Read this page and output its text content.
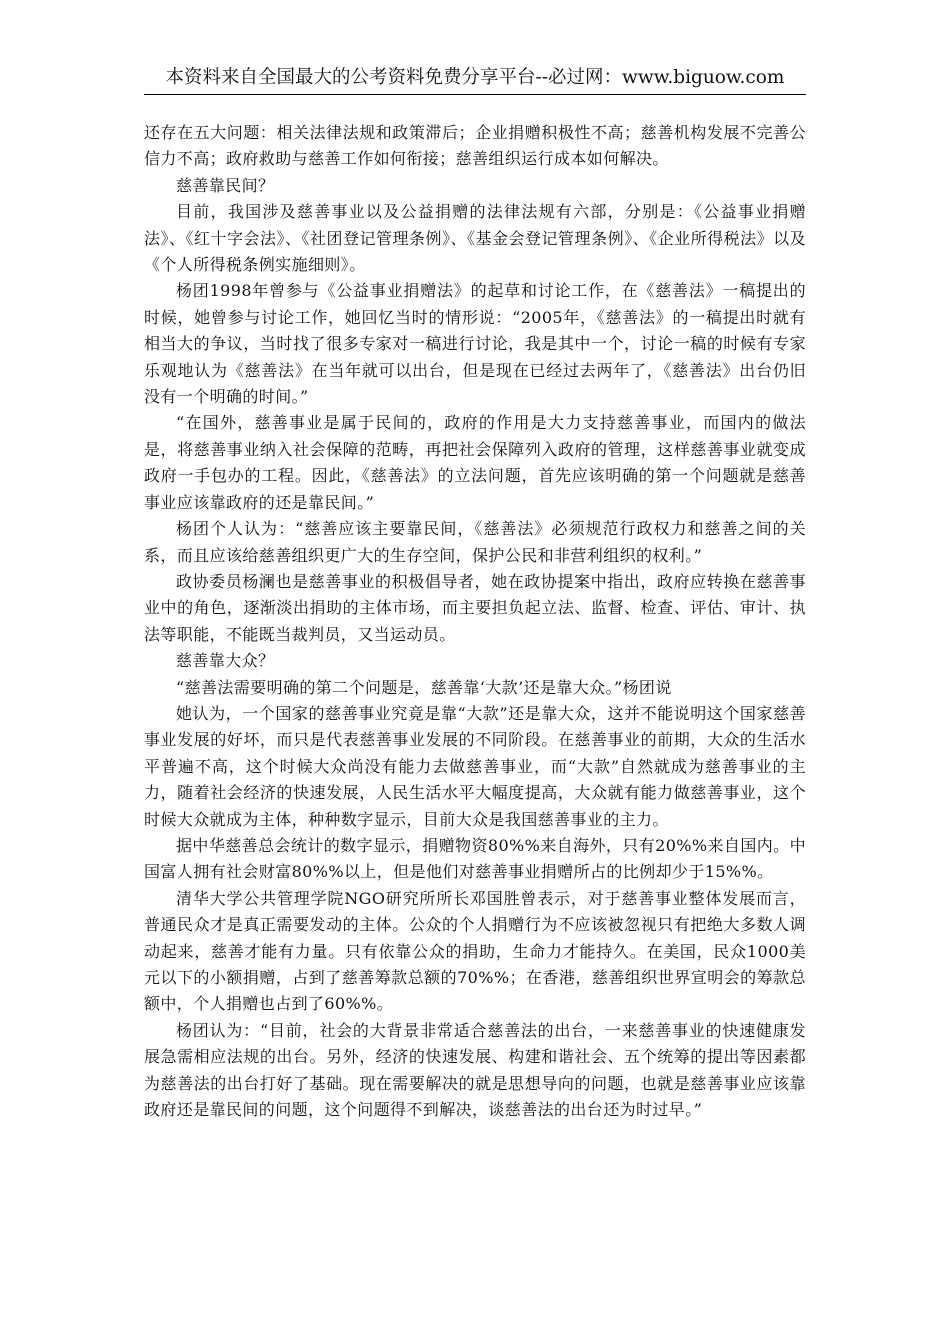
本资料来自全国最大的公考资料免费分享平台--必过网：www.biguow.com

还存在五大问题：相关法律法规和政策滞后；企业捐赠积极性不高；慈善机构发展不完善公信力不高；政府救助与慈善工作如何衔接；慈善组织运行成本如何解决。

慈善靠民间？

目前，我国涉及慈善事业以及公益捐赠的法律法规有六部，分别是：《公益事业捐赠法》、《红十字会法》、《社团登记管理条例》、《基金会登记管理条例》、《企业所得税法》以及《个人所得税条例实施细则》。

杨团1998年曾参与《公益事业捐赠法》的起草和讨论工作，在《慈善法》一稿提出的时候，她曾参与讨论工作，她回忆当时的情形说：“2005年，《慈善法》的一稿提出时就有相当大的争议，当时找了很多专家对一稿进行讨论，我是其中一个，讨论一稿的时候有专家乐观地认为《慈善法》在当年就可以出台，但是现在已经过去两年了，《慈善法》出台仍旧没有一个明确的时间。”

“在国外，慈善事业是属于民间的，政府的作用是大力支持慈善事业，而国内的做法是，将慈善事业纳入社会保障的范畴，再把社会保障列入政府的管理，这样慈善事业就变成政府一手包办的工程。因此，《慈善法》的立法问题，首先应该明确的第一个问题就是慈善事业应该靠政府的还是靠民间。”

杨团个人认为：“慈善应该主要靠民间，《慈善法》必须规范行政权力和慈善之间的关系，而且应该给慈善组织更广大的生存空间，保护公民和非营利组织的权利。”

政协委员杨澜也是慈善事业的积极倡导者，她在政协提案中指出，政府应转换在慈善事业中的角色，逐渐淡出捐助的主体市场，而主要担负起立法、监督、检查、评估、审计、执法等职能，不能既当裁判员，又当运动员。

慈善靠大众？

“慈善法需要明确的第二个问题是，慈善靠‘大款’还是靠大众。”杨团说

她认为，一个国家的慈善事业究竟是靠“大款”还是靠大众，这并不能说明这个国家慈善事业发展的好坏，而只是代表慈善事业发展的不同阶段。在慈善事业的前期，大众的生活水平普遍不高，这个时候大众尚没有能力去做慈善事业，而“大款”自然就成为慈善事业的主力，随着社会经济的快速发展，人民生活水平大幅度提高，大众就有能力做慈善事业，这个时候大众就成为主体，种种数字显示，目前大众是我国慈善事业的主力。

据中华慈善总会统计的数字显示，捐赠物资80%%来自海外，只有20%%来自国内。中国富人拥有社会财富80%%以上，但是他们对慈善事业捐赠所占的比例却少于15%%。

清华大学公共管理学院NGO研究所所长邓国胜曾表示，对于慈善事业整体发展而言，普通民众才是真正需要发动的主体。公众的个人捐赠行为不应该被忽视只有把绝大多数人调动起来，慈善才能有力量。只有依靠公众的捐助，生命力才能持久。在美国，民众1000美元以下的小额捐赠，占到了慈善筹款总额的70%%；在香港，慈善组织世界宣明会的筹款总额中，个人捐赠也占到了60%%。

杨团认为：“目前，社会的大背景非常适合慈善法的出台，一来慈善事业的快速健康发展急需相应法规的出台。另外，经济的快速发展、构建和谐社会、五个统筹的提出等因素都为慈善法的出台打好了基础。现在需要解决的就是思想导向的问题，也就是慈善事业应该靠政府还是靠民间的问题，这个问题得不到解决，谈慈善法的出台还为时过早。”
